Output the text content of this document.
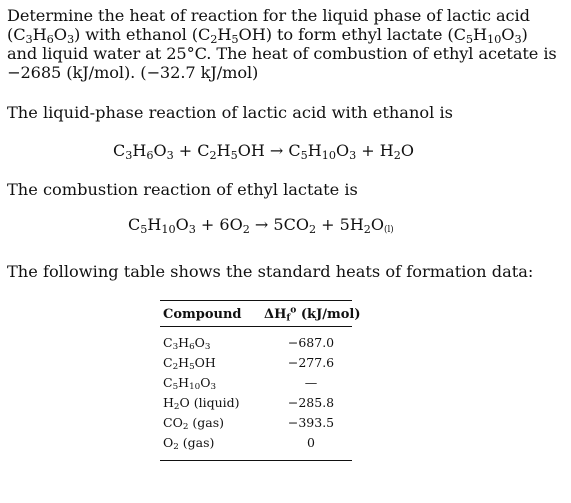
Determine the heat of reaction for the liquid phase of lactic acid
$(C_3H_6O_3)$ with ethanol $(C_2H_5OH)$ to form ethyl lactate $(C_5H_{10}O_3)$
and liquid water at 25°C. The heat of combustion of ethyl acetate is
−2685 (kJ/mol). (−32.7 kJ/mol)
The liquid-phase reaction of lactic acid with ethanol is
$C_3H_6O_3 + C_2H_5OH \to C_5H_{10}O_3 + H_2O$
The combustion reaction of ethyl lactate is
$C_5H_{10}O_3 + 6O_2 \to 5CO_2 + 5H_2O_{(l)}$
The following table shows the standard heats of formation data:
Compound $\Delta H_f^o$ (kJ/mol)
$C_3H_6O_3$	−687.0
$C_2H_5OH$	−277.6
$C_5H_{10}O_3$	—
$H_2O$ (liquid)	−285.8
$CO_2$ (gas)	−393.5
$O_2$ (gas)	0
